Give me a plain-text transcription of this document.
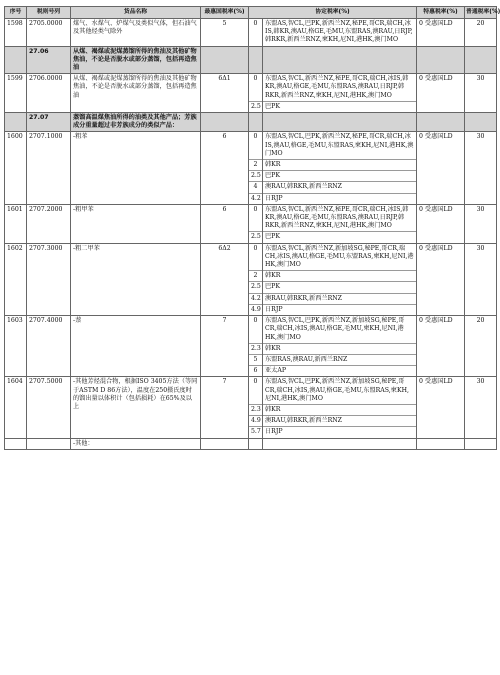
序号	税则号列	货品名称	最惠国税率(%)	协定税率(%)		特惠税率(%)	普通税率(%)
1598	2705.0000	煤气、水煤气、炉煤气及类似气体，但石油气及其他烃类气除外	5	0	东盟AS,智CL,巴PK,新西兰NZ,秘PE,哥CR,瑞CH,冰IS,韩KR,澳AU,格GE,毛MU,东盟RAS,澳RAU,日RJP,韩RKR,新西兰RNZ,柬KH,尼NI,港HK,澳门MO	0 受惠国LD	20
	27.06	从煤、褐煤或泥煤蒸馏所得的焦油及其他矿物焦油，不论是否脱水或部分蒸馏，包括再造焦油					
1599	2706.0000	从煤、褐煤或泥煤蒸馏所得的焦油及其他矿物焦油，不论是否脱水或部分蒸馏，包括再造焦油	6Δ1	0	东盟AS,智CL,新西兰NZ,秘PE,哥CR,瑞CH,冰IS,韩KR,澳AU,格GE,毛MU,东盟RAS,澳RAU,日RJP,韩RKR,新西兰RNZ,柬KH,尼NI,港HK,澳门MO	0 受惠国LD	30
				2.5	巴PK		
	27.07	蒸馏高温煤焦油所得的油类及其他产品；芳族成分重量超过非芳族成分的类似产品：					
1600	2707.1000	-粗苯	6	0	东盟AS,智CL,巴PK,新西兰NZ,秘PE,哥CR,瑞CH,冰IS,澳AU,格GE,毛MU,东盟RAS,柬KH,尼NI,港HK,澳门MO	0 受惠国LD	30
				2	韩KR		
				2.5	巴PK		
				4	澳RAU,韩RKR,新西兰RNZ		
				4.2	日RJP		
1601	2707.2000	-粗甲苯	6	0	东盟AS,智CL,新西兰NZ,秘PE,哥CR,瑞CH,冰IS,韩KR,澳AU,格GE,毛MU,东盟RAS,澳RAU,日RJP,韩RKR,新西兰RNZ,柬KH,尼NI,港HK,澳门MO	0 受惠国LD	30
				2.5	巴PK		
1602	2707.3000	-粗二甲苯	6Δ2	0	东盟AS,智CL,新西兰NZ,新加坡SG,秘PE,哥CR,瑞CH,冰IS,澳AU,格GE,毛MU,东盟RAS,柬KH,尼NI,港HK,澳门MO	0 受惠国LD	30
				2	韩KR		
				2.5	巴PK		
				4.2	澳RAU,韩RKR,新西兰RNZ		
				4.9	日RJP		
1603	2707.4000	-萘	7	0	东盟AS,智CL,巴PK,新西兰NZ,新加坡SG,秘PE,哥CR,瑞CH,冰IS,澳AU,格GE,毛MU,柬KH,尼NI,港HK,澳门MO	0 受惠国LD	20
				2.3	韩KR		
				5	东盟RAS,澳RAU,新西兰RNZ		
				6	亚太AP		
1604	2707.5000	-其他芳烃混合物，根据ISO 3405方法（等同于ASTM D 86方法），温度在250摄氏度时的馏出量以体积计（包括损耗）在65%及以上	7	0	东盟AS,智CL,巴PK,新西兰NZ,新加坡SG,秘PE,哥CR,瑞CH,冰IS,澳AU,格GE,毛MU,东盟RAS,柬KH,尼NI,港HK,澳门MO	0 受惠国LD	30
				2.3	韩KR		
				4.9	澳RAU,韩RKR,新西兰RNZ		
				5.7	日RJP		
		-其他：					
